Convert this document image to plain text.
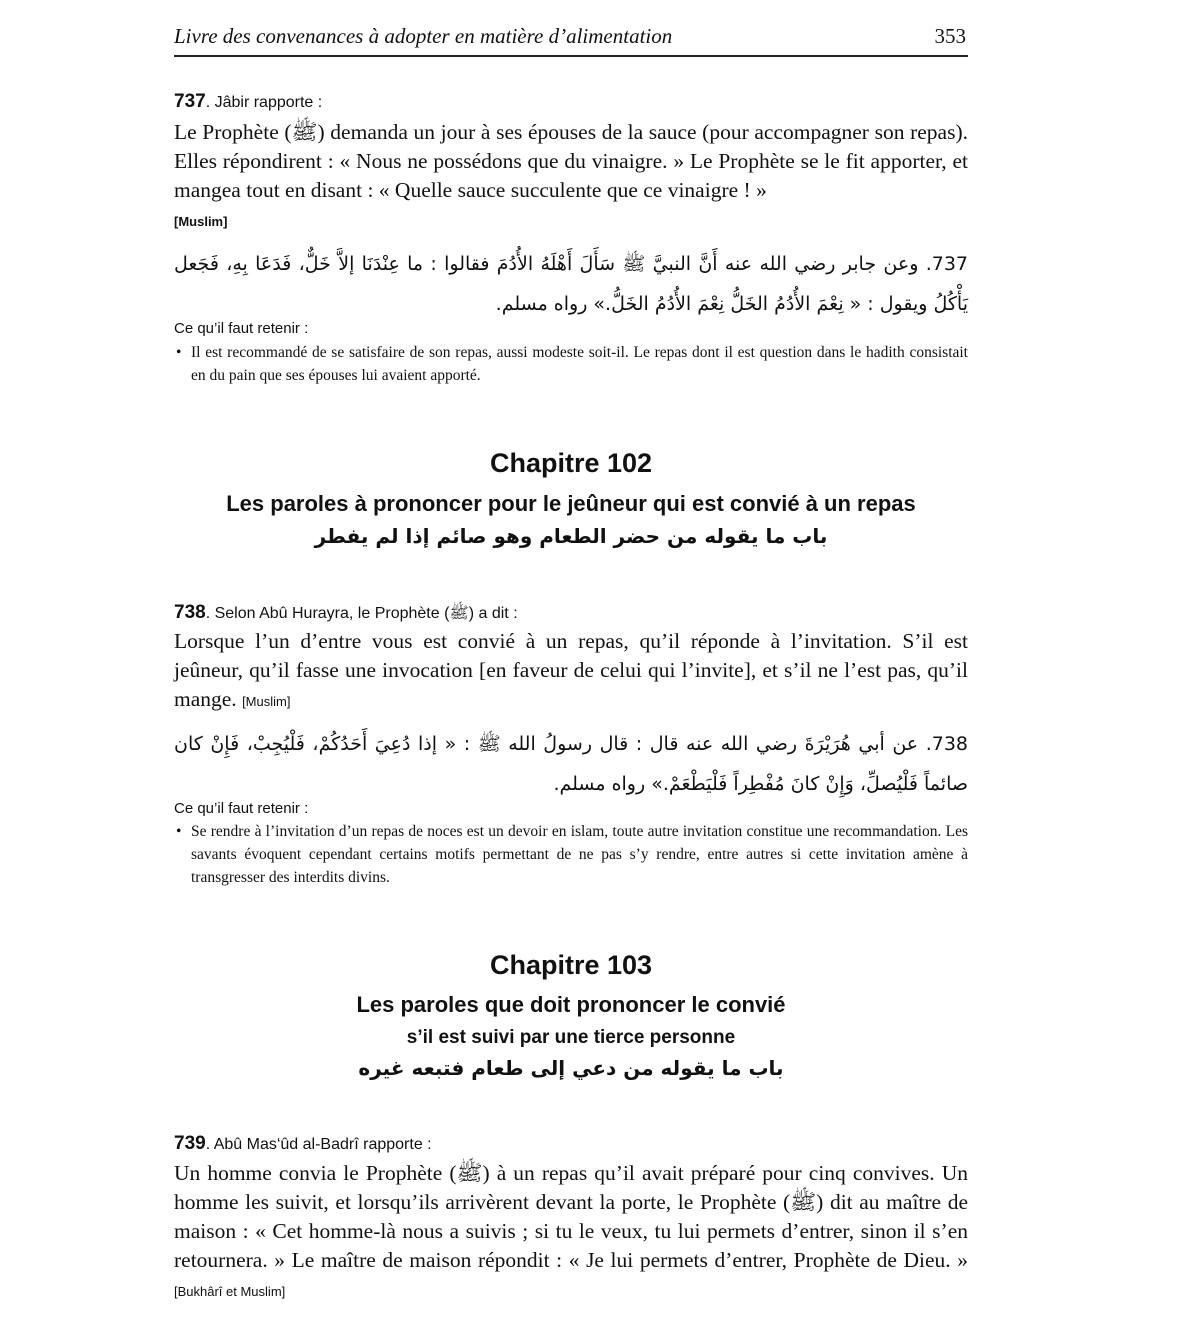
Livre des convenances à adopter en matière d’alimentation	353
737. Jâbir rapporte :
Le Prophète (ﷺ) demanda un jour à ses épouses de la sauce (pour accompagner son repas). Elles répondirent : « Nous ne possédons que du vinaigre. » Le Prophète se le fit apporter, et mangea tout en disant : « Quelle sauce succulente que ce vinaigre ! »
[Muslim]
737. وعن جابر رضي الله عنه أَنَّ النبيَّ ﷺ سَأَلَ أَهْلَهُ الأُدُمَ فقالوا : ما عِنْدَنَا إلاَّ خَلٌّ، فَدَعَا بِهِ، فَجَعل يَأْكُلُ ويقول : « نِعْمَ الأُدُمُ الخَلُّ نِعْمَ الأُدُمُ الخَلُّ.» رواه مسلم.
Ce qu’il faut retenir :
• Il est recommandé de se satisfaire de son repas, aussi modeste soit-il. Le repas dont il est question dans le hadith consistait en du pain que ses épouses lui avaient apporté.
Chapitre 102
Les paroles à prononcer pour le jeûneur qui est convié à un repas
باب ما يقوله من حضر الطعام وهو صائم إذا لم يفطر
738. Selon Abû Hurayra, le Prophète (ﷺ) a dit :
Lorsque l’un d’entre vous est convié à un repas, qu’il réponde à l’invitation. S’il est jeûneur, qu’il fasse une invocation [en faveur de celui qui l’invite], et s’il ne l’est pas, qu’il mange. [Muslim]
738. عن أبي هُرَيْرَةَ رضي الله عنه قال : قال رسولُ الله ﷺ : « إذا دُعِيَ أَحَدُكُمْ، فَلْيُجِبْ، فَإِنْ كان صائماً فَلْيُصلِّ، وَإِنْ كانَ مُفْطِراً فَلْيَطْعَمْ.» رواه مسلم.
Ce qu’il faut retenir :
• Se rendre à l’invitation d’un repas de noces est un devoir en islam, toute autre invitation constitue une recommandation. Les savants évoquent cependant certains motifs permettant de ne pas s’y rendre, entre autres si cette invitation amène à transgresser des interdits divins.
Chapitre 103
Les paroles que doit prononcer le convié
s’il est suivi par une tierce personne
باب ما يقوله من دعي إلى طعام فتبعه غيره
739. Abû Mas‘ûd al-Badrî rapporte :
Un homme convia le Prophète (ﷺ) à un repas qu’il avait préparé pour cinq convives. Un homme les suivit, et lorsqu’ils arrivèrent devant la porte, le Prophète (ﷺ) dit au maître de maison : « Cet homme-là nous a suivis ; si tu le veux, tu lui permets d’entrer, sinon il s’en retournera. » Le maître de maison répondit : « Je lui permets d’entrer, Prophète de Dieu. » [Bukhârî et Muslim]
